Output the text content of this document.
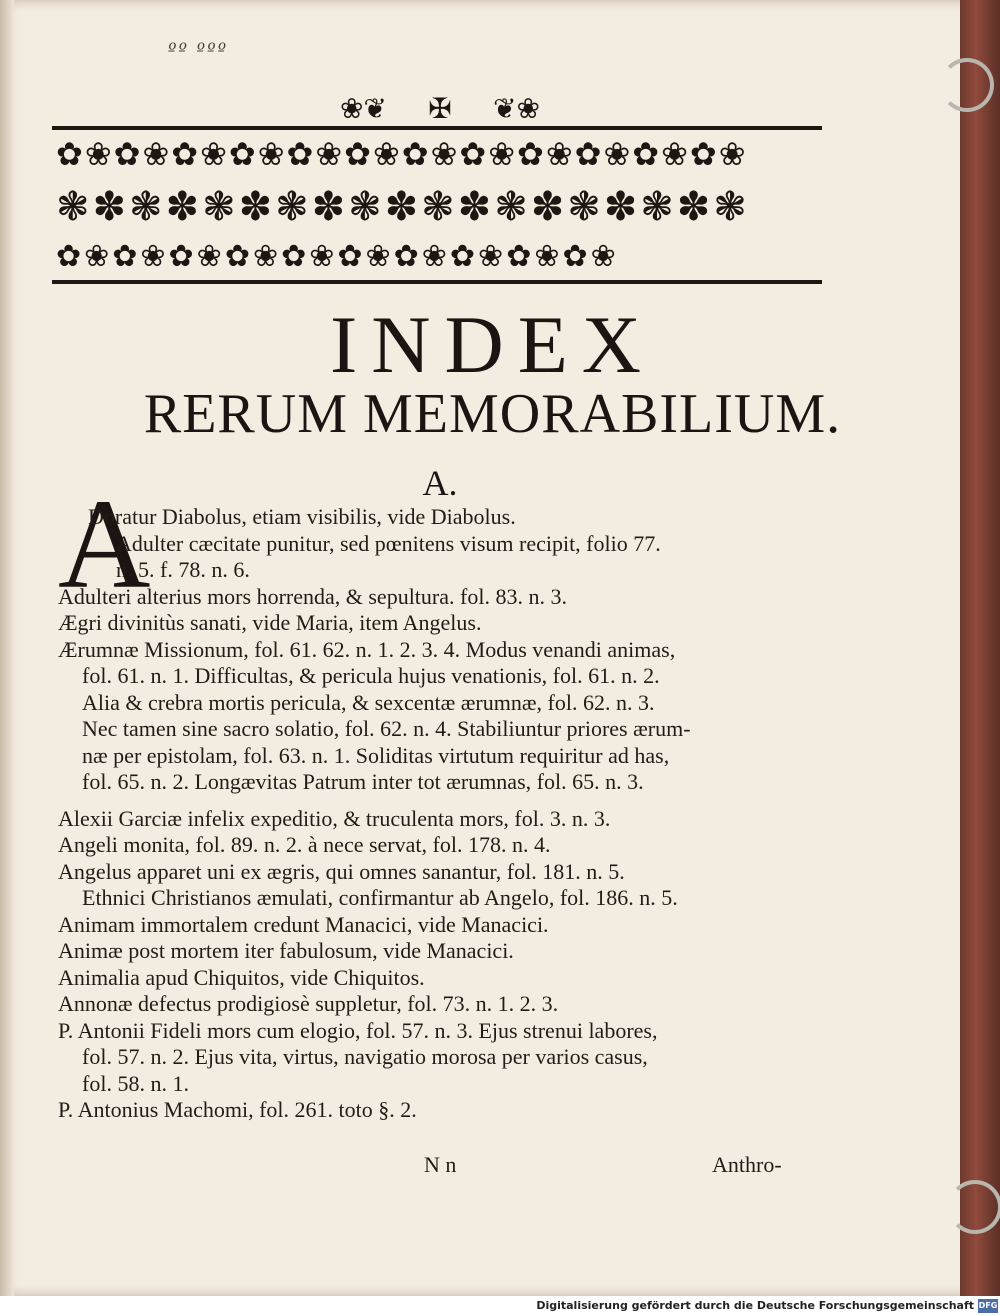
ºº ººº
❀❦ ✠ ❦❀
✿❀✿❀✿❀✿❀✿❀✿❀✿❀✿❀✿❀✿❀✿❀✿❀
❃✽❃✽❃✽❃✽❃✽❃✽❃✽❃✽❃✽❃
✿❀✿❀✿❀✿❀✿❀✿❀✿❀✿❀✿❀✿❀
INDEX
RERUM MEMORABILIUM.
A.
A
Doratur Diabolus, etiam visibilis, vide Diabolus.
Adulter cæcitate punitur, sed pœnitens visum recipit, folio 77.
n. 5. f. 78. n. 6.
Adulteri alterius mors horrenda, & sepultura. fol. 83. n. 3.
Ægri divinitùs sanati, vide Maria, item Angelus.
Ærumnæ Missionum, fol. 61. 62. n. 1. 2. 3. 4. Modus venandi animas,
fol. 61. n. 1. Difficultas, & pericula hujus venationis, fol. 61. n. 2.
Alia & crebra mortis pericula, & sexcentæ ærumnæ, fol. 62. n. 3.
Nec tamen sine sacro solatio, fol. 62. n. 4. Stabiliuntur priores ærum-
næ per epistolam, fol. 63. n. 1. Soliditas virtutum requiritur ad has,
fol. 65. n. 2. Longævitas Patrum inter tot ærumnas, fol. 65. n. 3.
Alexii Garciæ infelix expeditio, & truculenta mors, fol. 3. n. 3.
Angeli monita, fol. 89. n. 2. à nece servat, fol. 178. n. 4.
Angelus apparet uni ex ægris, qui omnes sanantur, fol. 181. n. 5.
Ethnici Christianos æmulati, confirmantur ab Angelo, fol. 186. n. 5.
Animam immortalem credunt Manacici, vide Manacici.
Animæ post mortem iter fabulosum, vide Manacici.
Animalia apud Chiquitos, vide Chiquitos.
Annonæ defectus prodigiosè suppletur, fol. 73. n. 1. 2. 3.
P. Antonii Fideli mors cum elogio, fol. 57. n. 3. Ejus strenui labores,
fol. 57. n. 2. Ejus vita, virtus, navigatio morosa per varios casus,
fol. 58. n. 1.
P. Antonius Machomi, fol. 261. toto §. 2.
N n	Anthro-
Digitalisierung gefördert durch die Deutsche Forschungsgemeinschaft DFG
